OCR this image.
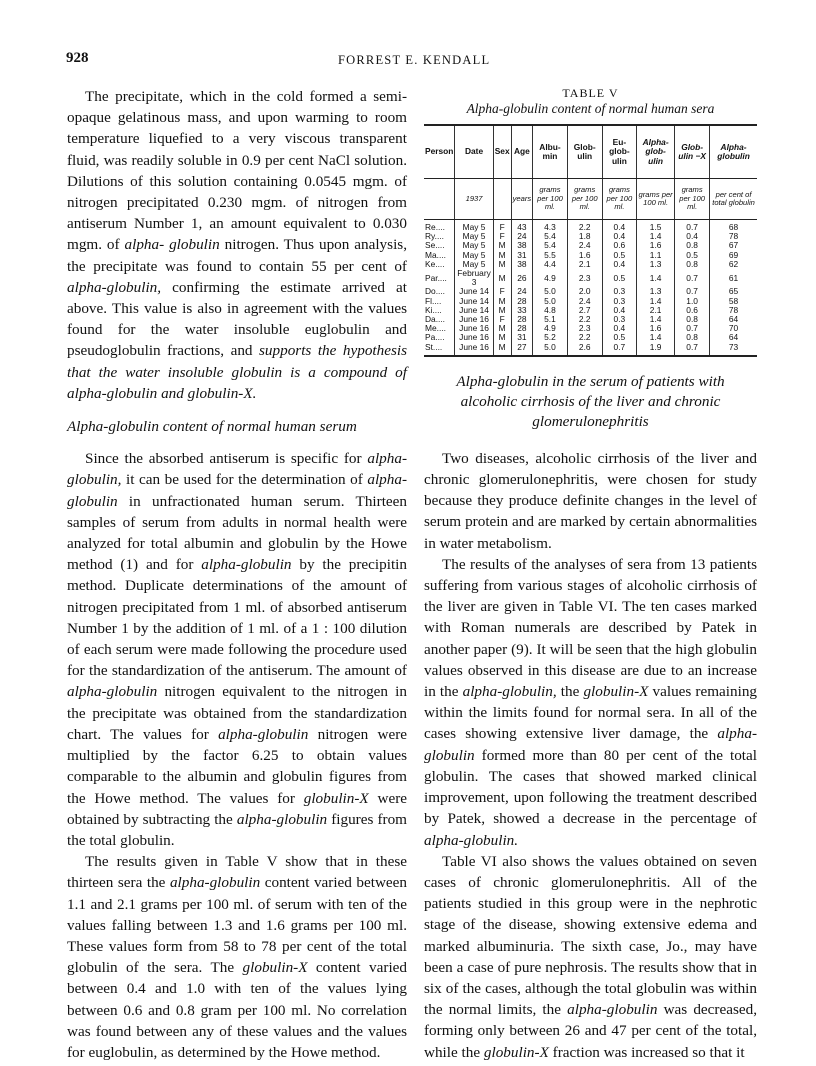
928	FORREST E. KENDALL

The precipitate, which in the cold formed a semi-opaque gelatinous mass, and upon warming to room temperature liquefied to a very viscous transparent fluid, was readily soluble in 0.9 per cent NaCl solution. Dilutions of this solution containing 0.0545 mgm. of nitrogen precipitated 0.230 mgm. of nitrogen from antiserum Number 1, an amount equivalent to 0.030 mgm. of alpha- globulin nitrogen. Thus upon analysis, the precipitate was found to contain 55 per cent of alpha-globulin, confirming the estimate arrived at above. This value is also in agreement with the values found for the water insoluble euglobulin and pseudoglobulin fractions, and supports the hypothesis that the water insoluble globulin is a compound of alpha-globulin and globulin-X.

Alpha-globulin content of normal human serum

Since the absorbed antiserum is specific for alpha-globulin, it can be used for the determination of alpha-globulin in unfractionated human serum. Thirteen samples of serum from adults in normal health were analyzed for total albumin and globulin by the Howe method (1) and for alpha-globulin by the precipitin method. Duplicate determinations of the amount of nitrogen precipitated from 1 ml. of absorbed antiserum Number 1 by the addition of 1 ml. of a 1 : 100 dilution of each serum were made following the procedure used for the standardization of the antiserum. The amount of alpha-globulin nitrogen equivalent to the nitrogen in the precipitate was obtained from the standardization chart. The values for alpha-globulin nitrogen were multiplied by the factor 6.25 to obtain values comparable to the albumin and globulin figures from the Howe method. The values for globulin-X were obtained by subtracting the alpha-globulin figures from the total globulin.

The results given in Table V show that in these thirteen sera the alpha-globulin content varied between 1.1 and 2.1 grams per 100 ml. of serum with ten of the values falling between 1.3 and 1.6 grams per 100 ml. These values form from 58 to 78 per cent of the total globulin of the sera. The globulin-X content varied between 0.4 and 1.0 with ten of the values lying between 0.6 and 0.8 gram per 100 ml. No correlation was found between any of these values and the values for euglobulin, as determined by the Howe method.

TABLE V

Alpha-globulin content of normal human sera

Person	Date	Sex	Age	Albu-min	Glob-ulin	Eu-glob-ulin	Alpha-glob-ulin	Glob-ulin −X	Alpha-globulin
	1937		years	grams per 100 ml.	grams per 100 ml.	grams per 100 ml.	grams per 100 ml.	grams per 100 ml.	per cent of total globulin
Re....	May 5	F	43	4.3	2.2	0.4	1.5	0.7	68
Ry....	May 5	F	24	5.4	1.8	0.4	1.4	0.4	78
Se....	May 5	M	38	5.4	2.4	0.6	1.6	0.8	67
Ma....	May 5	M	31	5.5	1.6	0.5	1.1	0.5	69
Ke....	May 5	M	38	4.4	2.1	0.4	1.3	0.8	62
Par....	February 3	M	26	4.9	2.3	0.5	1.4	0.7	61
Do....	June 14	F	24	5.0	2.0	0.3	1.3	0.7	65
Fl....	June 14	M	28	5.0	2.4	0.3	1.4	1.0	58
Ki....	June 14	M	33	4.8	2.7	0.4	2.1	0.6	78
Da....	June 16	F	28	5.1	2.2	0.3	1.4	0.8	64
Me....	June 16	M	28	4.9	2.3	0.4	1.6	0.7	70
Pa....	June 16	M	31	5.2	2.2	0.5	1.4	0.8	64
St....	June 16	M	27	5.0	2.6	0.7	1.9	0.7	73

Alpha-globulin in the serum of patients with alcoholic cirrhosis of the liver and chronic glomerulonephritis

Two diseases, alcoholic cirrhosis of the liver and chronic glomerulonephritis, were chosen for study because they produce definite changes in the level of serum protein and are marked by certain abnormalities in water metabolism.

The results of the analyses of sera from 13 patients suffering from various stages of alcoholic cirrhosis of the liver are given in Table VI. The ten cases marked with Roman numerals are described by Patek in another paper (9). It will be seen that the high globulin values observed in this disease are due to an increase in the alpha-globulin, the globulin-X values remaining within the limits found for normal sera. In all of the cases showing extensive liver damage, the alpha-globulin formed more than 80 per cent of the total globulin. The cases that showed marked clinical improvement, upon following the treatment described by Patek, showed a decrease in the percentage of alpha-globulin.

Table VI also shows the values obtained on seven cases of chronic glomerulonephritis. All of the patients studied in this group were in the nephrotic stage of the disease, showing extensive edema and marked albuminuria. The sixth case, Jo., may have been a case of pure nephrosis. The results show that in six of the cases, although the total globulin was within the normal limits, the alpha-globulin was decreased, forming only between 26 and 47 per cent of the total, while the globulin-X fraction was increased so that it
